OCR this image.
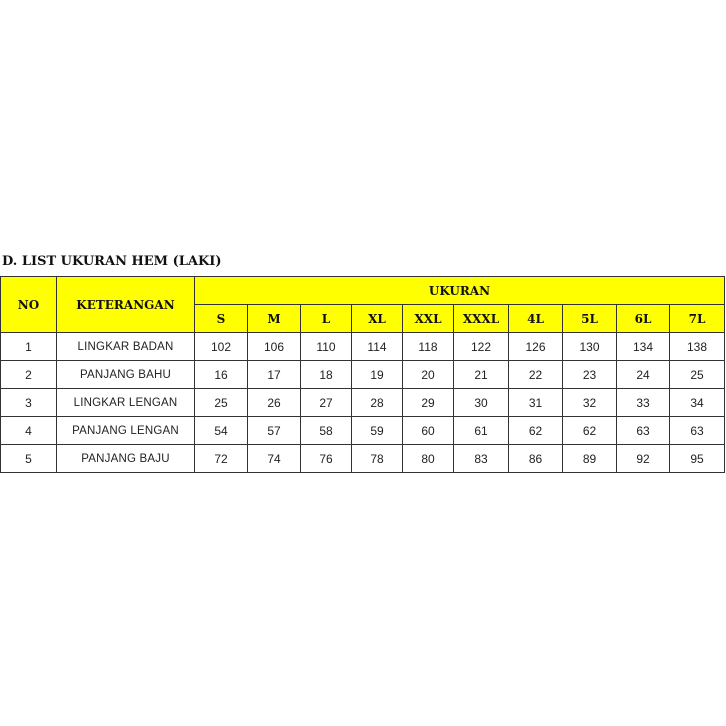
D. LIST UKURAN HEM (LAKI)
NO	KETERANGAN	UKURAN									
		S	M	L	XL	XXL	XXXL	4L	5L	6L	7L
1	LINGKAR BADAN	102	106	110	114	118	122	126	130	134	138
2	PANJANG BAHU	16	17	18	19	20	21	22	23	24	25
3	LINGKAR LENGAN	25	26	27	28	29	30	31	32	33	34
4	PANJANG LENGAN	54	57	58	59	60	61	62	62	63	63
5	PANJANG BAJU	72	74	76	78	80	83	86	89	92	95
